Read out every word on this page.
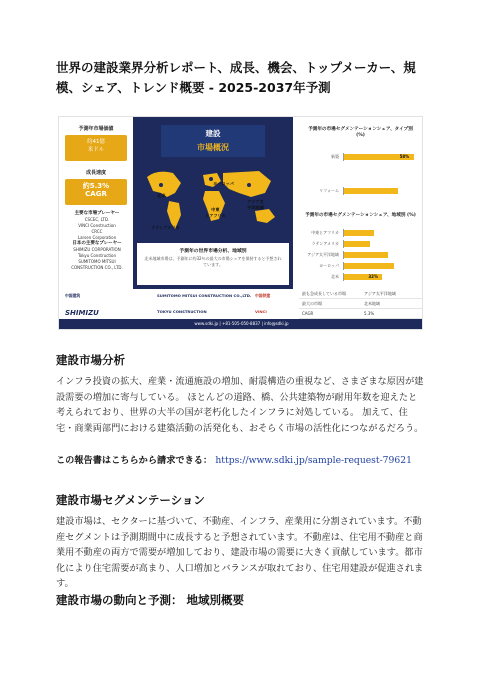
世界の建設業界分析レポート、成長、機会、トップメーカー、規模、シェア、トレンド概要 - 2025-2037年予測
予測年市場価値
約41億
米ドル
成長速度
約5.3%
CAGR
主要な市場プレーヤー
CSCEC, LTD.
VINCI Construction
CRCC
Larsen Corporation
日本の主要なプレーヤー
SHIMIZU CORPORATION
Tokyu Construction
SUMITOMO MITSUI
CONSTRUCTION CO., LTD.
建設
市場概況
北米
ヨーロッパ
中東
とアフリカ
アジア太
平洋地域
ラテンアメリカ
予測年の世界市場分析、地域別
北米地域市場は、予測年に約32％の最大の市場シェアを保持すると予想されています。
予測年の市場セグメンテーションシェア、タイプ別 (%)
新築	58%
リフォーム
予測年の市場セグメンテーションシェア、地域別 (%)
中東とアフリカ
ラテンアメリカ
アジア太平洋地域
ヨーロッパ
北米	32%
中国建筑	SUMITOMO MITSUI CONSTRUCTION CO.,LTD.
SHIMIZU	TOKYU CONSTRUCTION	VINCI
中国铁建	最も急成長している市場	アジア太平洋地域
最大の市場	北米地域
CAGR	5.3%
www.sdki.jp | +81-505-050-8837 | info@sdki.jp
建設市場分析

インフラ投資の拡大、産業・流通施設の増加、耐震構造の重視など、さまざまな原因が建設需要の増加に寄与している。 ほとんどの道路、橋、公共建築物が耐用年数を迎えたと考えられており、世界の大半の国が老朽化したインフラに対処している。 加えて、住宅・商業両部門における建築活動の活発化も、おそらく市場の活性化につながるだろう。

この報告書はこちらから請求できる： https://www.sdki.jp/sample-request-79621
建設市場セグメンテーション

建設市場は、セクターに基づいて、不動産、インフラ、産業用に分割されています。不動産セグメントは予測期間中に成長すると予想されています。不動産は、住宅用不動産と商業用不動産の両方で需要が増加しており、建設市場の需要に大きく貢献しています。都市化により住宅需要が高まり、人口増加とバランスが取れており、住宅用建設が促進されます。

建設市場の動向と予測： 地域別概要
